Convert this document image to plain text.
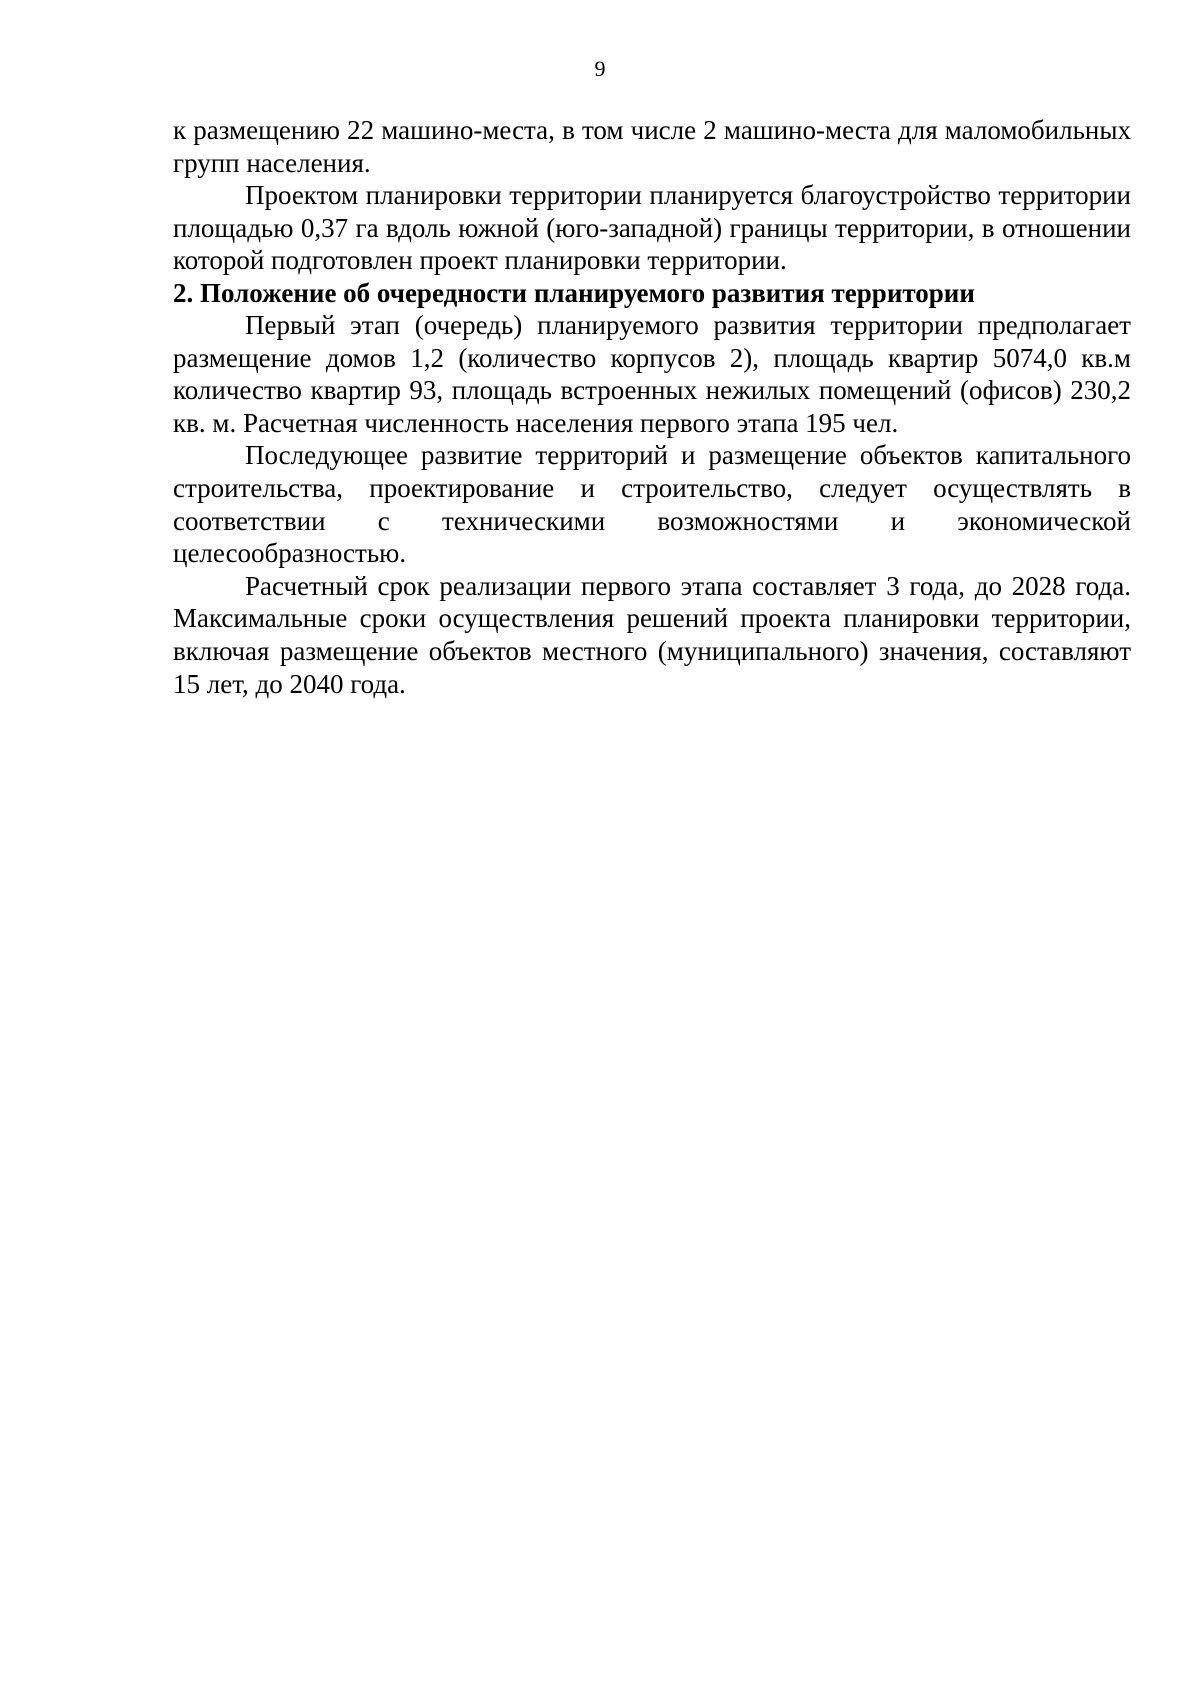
9

к размещению 22 машино-места, в том числе 2 машино-места для маломобильных групп населения.

Проектом планировки территории планируется благоустройство территории площадью 0,37 га вдоль южной (юго-западной) границы территории, в отношении которой подготовлен проект планировки территории.

2. Положение об очередности планируемого развития территории

Первый этап (очередь) планируемого развития территории предполагает размещение домов 1,2 (количество корпусов 2), площадь квартир 5074,0 кв.м количество квартир 93, площадь встроенных нежилых помещений (офисов) 230,2 кв. м. Расчетная численность населения первого этапа 195 чел.

Последующее развитие территорий и размещение объектов капитального строительства, проектирование и строительство, следует осуществлять в соответствии с техническими возможностями и экономической целесообразностью.

Расчетный срок реализации первого этапа составляет 3 года, до 2028 года. Максимальные сроки осуществления решений проекта планировки территории, включая размещение объектов местного (муниципального) значения, составляют 15 лет, до 2040 года.
